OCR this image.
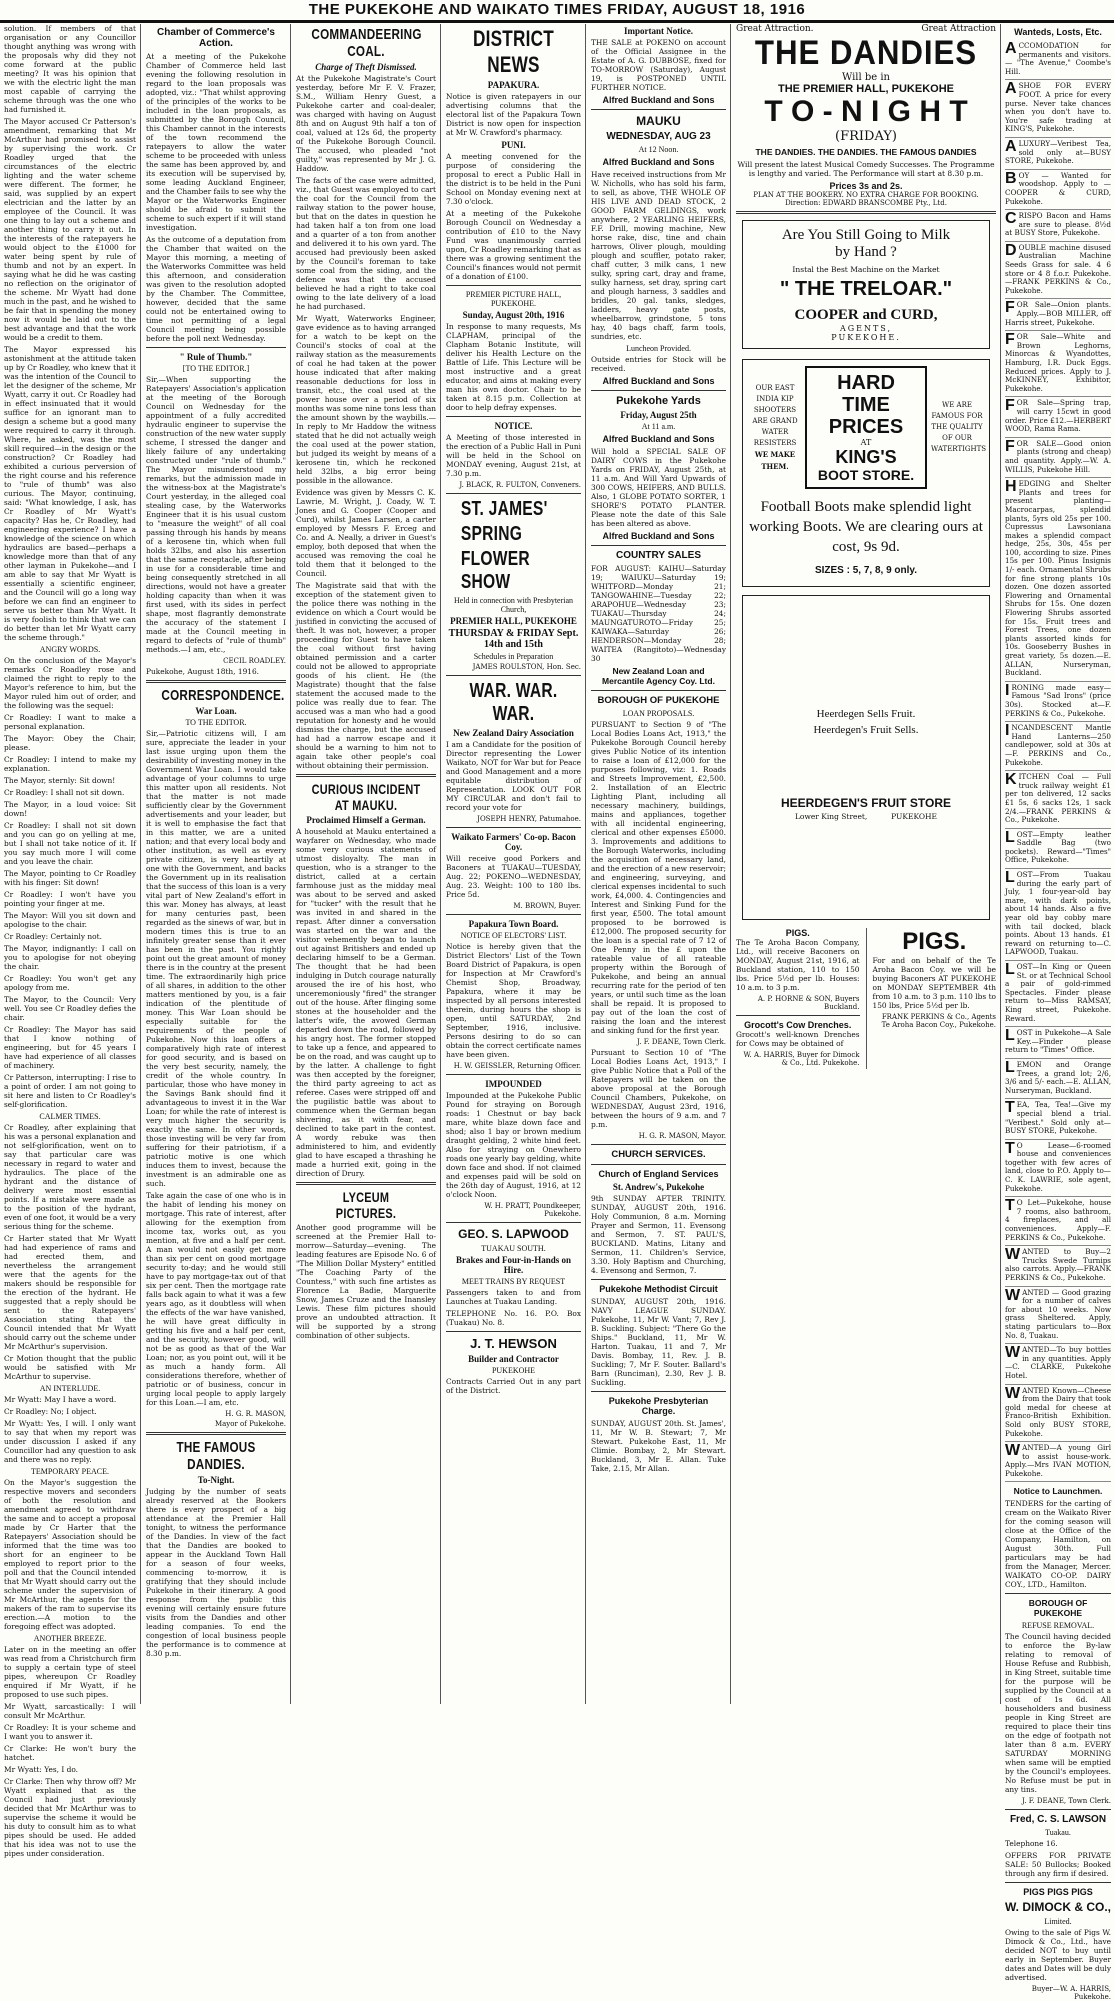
THE PUKEKOHE AND WAIKATO TIMES FRIDAY, AUGUST 18, 1916

solution. If members of that organisation or any Councillor thought anything was wrong with the proposals why did they not come forward at the public meeting? It was his opinion that we with the electric light the man most capable of carrying the scheme through was the one who had furnished it.

The Mayor accused Cr Patterson's amendment, remarking that Mr McArthur had promised to assist by supervising the work. Cr Roadley urged that the circumstances of the electric lighting and the water scheme were different. The former, he said, was supplied by an expert electrician and the latter by an employee of the Council. It was one thing to lay out a scheme and another thing to carry it out. In the interests of the ratepayers he would object to the £1000 for water being spent by rule of thumb and not by an expert. In saying what he did he was casting no reflection on the originator of the scheme. Mr Wyatt had done much in the past, and he wished to be fair that in spending the money now it would be laid out to the best advantage and that the work would be a credit to them.

The Mayor expressed his astonishment at the attitude taken up by Cr Roadley, who knew that it was the intention of the Council to let the designer of the scheme, Mr Wyatt, carry it out. Cr Roadley had in effect insinuated that it would suffice for an ignorant man to design a scheme but a good many were required to carry it through. Where, he asked, was the most skill required—in the design or the construction? Cr Roadley had exhibited a curious perversion of the right course and his reference to "rule of thumb" was also curious. The Mayor, continuing, said: "What knowledge, I ask, has Cr Roadley of Mr Wyatt's capacity? Has he, Cr Roadley, had engineering experience? I have a knowledge of the science on which hydraulics are based—perhaps a knowledge more than that of any other layman in Pukekohe—and I am able to say that Mr Wyatt is essentially a scientific engineer, and the Council will go a long way before we can find an engineer to serve us better than Mr Wyatt. It is very foolish to think that we can do better than let Mr Wyatt carry the scheme through."

ANGRY WORDS.

On the conclusion of the Mayor's remarks Cr Roadley rose and claimed the right to reply to the Mayor's reference to him, but the Mayor ruled him out of order, and the following was the sequel:

Cr Roadley: I want to make a personal explanation.

The Mayor: Obey the Chair, please.

Cr Roadley: I intend to make my explanation.

The Mayor, sternly: Sit down!

Cr Roadley: I shall not sit down.

The Mayor, in a loud voice: Sit down!

Cr Roadley: I shall not sit down and you can go on yelling at me, but I shall not take notice of it. If you say much more I will come and you leave the chair.

The Mayor, pointing to Cr Roadley with his finger: Sit down!

Cr Roadley: I won't have you pointing your finger at me.

The Mayor: Will you sit down and apologise to the chair.

Cr Roadley: Certainly not.

The Mayor, indignantly: I call on you to apologise for not obeying the chair.

Cr Roadley: You won't get any apology from me.

The Mayor, to the Council: Very well. You see Cr Roadley defies the chair.

Cr Roadley: The Mayor has said that I know nothing of engineering, but for 45 years I have had experience of all classes of machinery.

Cr Patterson, interrupting: I rise to a point of order. I am not going to sit here and listen to Cr Roadley's self-glorification.

CALMER TIMES.

Cr Roadley, after explaining that his was a personal explanation and not self-glorification, went on to say that particular care was necessary in regard to water and hydraulics. The place of the hydrant and the distance of delivery were most essential points. If a mistake were made as to the position of the hydrant, even of one foot, it would be a very serious thing for the scheme.

Cr Harter stated that Mr Wyatt had had experience of rams and had erected them, and nevertheless the arrangement were that the agents for the makers should be responsible for the erection of the hydrant. He suggested that a reply should be sent to the Ratepayers' Association stating that the Council intended that Mr Wyatt should carry out the scheme under Mr McArthur's supervision.

Cr Motion thought that the public would be satisfied with Mr McArthur to supervise.

AN INTERLUDE.

Mr Wyatt: May I have a word.

Cr Roadley: No; I object.

Mr Wyatt: Yes, I will. I only want to say that when my report was under discussion I asked if any Councillor had any question to ask and there was no reply.

TEMPORARY PEACE.

On the Mayor's suggestion the respective movers and seconders of both the resolution and amendment agreed to withdraw the same and to accept a proposal made by Cr Harter that the Ratepayers' Association should be informed that the time was too short for an engineer to be employed to report prior to the poll and that the Council intended that Mr Wyatt should carry out the scheme under the supervision of Mr McArthur, the agents for the makers of the ram to supervise its erection.—A motion to the foregoing effect was adopted.

ANOTHER BREEZE.

Later on in the meeting an offer was read from a Christchurch firm to supply a certain type of steel pipes, whereupon Cr Roadley enquired if Mr Wyatt, if he proposed to use such pipes.

Mr Wyatt, sarcastically: I will consult Mr McArthur.

Cr Roadley: It is your scheme and I want you to answer it.

Cr Clarke: He won't bury the hatchet.

Mr Wyatt: Yes, I do.

Cr Clarke: Then why throw off? Mr Wyatt explained that as the Council had just previously decided that Mr McArthur was to supervise the scheme it would be his duty to consult him as to what pipes should be used. He added that his idea was not to use the pipes under consideration.

Chamber of Commerce's Action.

At a meeting of the Pukekohe Chamber of Commerce held last evening the following resolution in regard to the loan proposals was adopted, viz.: "That whilst approving of the principles of the works to be included in the loan proposals, as submitted by the Borough Council, this Chamber cannot in the interests of the town recommend the ratepayers to allow the water scheme to be proceeded with unless the same has been approved by, and its execution will be supervised by, some leading Auckland Engineer, and the Chamber fails to see why the Mayor or the Waterworks Engineer should be afraid to submit the scheme to such expert if it will stand investigation.

As the outcome of a deputation from the Chamber that waited on the Mayor this morning, a meeting of the Waterworks Committee was held this afternoon, and consideration was given to the resolution adopted by the Chamber. The Committee, however, decided that the same could not be entertained owing to time not permitting of a legal Council meeting being possible before the poll next Wednesday.

" Rule of Thumb."
[TO THE EDITOR.]

Sir,—When supporting the Ratepayers' Association's application at the meeting of the Borough Council on Wednesday for the appointment of a fully accredited hydraulic engineer to supervise the construction of the new water supply scheme, I stressed the danger and likely failure of any undertaking constructed under "rule of thumb." The Mayor misunderstood my remarks, but the admission made in the witness-box at the Magistrate's Court yesterday, in the alleged coal stealing case, by the Waterworks Engineer that it is his usual custom to "measure the weight" of all coal passing through his hands by means of a kerosene tin, which when full holds 32lbs, and also his assertion that the same receptacle, after being in use for a considerable time and being consequently stretched in all directions, would not have a greater holding capacity than when it was first used, with its sides in perfect shape, most flagrantly demonstrate the accuracy of the statement I made at the Council meeting in regard to defects of "rule of thumb" methods.—I am, etc.,

CECIL ROADLEY.
Pukekohe, August 18th, 1916.
CORRESPONDENCE.
War Loan.
TO THE EDITOR.

Sir,—Patriotic citizens will, I am sure, appreciate the leader in your last issue urging upon them the desirability of investing money in the Government War Loan. I would take advantage of your columns to urge this matter upon all residents. Not that the matter is not made sufficiently clear by the Government advertisements and your leader, but it is well to emphasise the fact that in this matter, we are a united nation; and that every local body and other institution, as well as every private citizen, is very heartily at one with the Government, and backs the Government up in its realisation that the success of this loan is a very vital part of New Zealand's effort in this war. Money has always, at least for many centuries past, been regarded as the sinews of war, but in modern times this is true to an infinitely greater sense than it ever has been in the past. You rightly point out the great amount of money there is in the country at the present time. The extraordinarily high price of all shares, in addition to the other matters mentioned by you, is a fair indication of the plentitude of money. This War Loan should be especially suitable for the requirements of the people of Pukekohe. Now this loan offers a comparatively high rate of interest for good security, and is based on the very best security, namely, the credit of the whole country. In particular, those who have money in the Savings Bank should find it advantageous to invest it in the War Loan; for while the rate of interest is very much higher the security is exactly the same. In other words, those investing will be very far from suffering for their patriotism, if a patriotic motive is one which induces them to invest, because the investment is an admirable one as such.

Take again the case of one who is in the habit of lending his money on mortgage. This rate of interest, after allowing for the exemption from income tax, works out, as you mention, at five and a half per cent. A man would not easily get more than six per cent on good mortgage security to-day; and he would still have to pay mortgage-tax out of that six per cent. Then the mortgage rate falls back again to what it was a few years ago, as it doubtless will when the effects of the war have vanished, he will have great difficulty in getting his five and a half per cent, and the security, however good, will not be as good as that of the War Loan; nor, as you point out, will it be as much a handy form. All considerations therefore, whether of patriotic or of business, concur in urging local people to apply largely for this Loan.—I am, etc.

H. G. R. MASON,
Mayor of Pukekohe.
THE FAMOUS DANDIES.
To-Night.

Judging by the number of seats already reserved at the Bookers there is every prospect of a big attendance at the Premier Hall tonight, to witness the performance of the Dandies. In view of the fact that the Dandies are booked to appear in the Auckland Town Hall for a season of four weeks, commencing to-morrow, it is gratifying that they should include Pukekohe in their itinerary. A good response from the public this evening will certainly ensure future visits from the Dandies and other leading companies. To end the congestion of local business people the performance is to commence at 8.30 p.m.

COMMANDEERING COAL.
Charge of Theft Dismissed.

At the Pukekohe Magistrate's Court yesterday, before Mr F. V. Frazer, S.M., William Henry Guest, a Pukekohe carter and coal-dealer, was charged with having on August 8th and on August 9th half a ton of coal, valued at 12s 6d, the property of the Pukekohe Borough Council. The accused, who pleaded "not guilty," was represented by Mr J. G. Haddow.

The facts of the case were admitted, viz., that Guest was employed to cart the coal for the Council from the railway station to the power house, but that on the dates in question he had taken half a ton from one load and a quarter of a ton from another and delivered it to his own yard. The accused had previously been asked by the Council's foreman to take some coal from the siding, and the defence was that the accused believed he had a right to take coal owing to the late delivery of a load he had purchased.

Mr Wyatt, Waterworks Engineer, gave evidence as to having arranged for a watch to be kept on the Council's stocks of coal at the railway station as the measurements of coal he had taken at the power house indicated that after making reasonable deductions for loss in transit, etc., the coal used at the power house over a period of six months was some nine tons less than the amount shown by the waybills.—In reply to Mr Haddow the witness stated that he did not actually weigh the coal used at the power station, but judged its weight by means of a kerosene tin, which he reckoned held 32lbs, a big error being possible in the allowance.

Evidence was given by Messrs C. K. Lawrie, M. Wright, J. Coady, W. T. Jones and G. Cooper (Cooper and Curd), whilst James Larsen, a carter employed by Messrs F. Erceg and Co. and A. Neally, a driver in Guest's employ, both deposed that when the accused was removing the coal he told them that it belonged to the Council.

The Magistrate said that with the exception of the statement given to the police there was nothing in the evidence on which a Court would be justified in convicting the accused of theft. It was not, however, a proper proceeding for Guest to have taken the coal without first having obtained permission and a carter could not be allowed to appropriate goods of his client. He (the Magistrate) thought that the false statement the accused made to the police was really due to fear. The accused was a man who had a good reputation for honesty and he would dismiss the charge, but the accused had had a narrow escape and it should be a warning to him not to again take other people's coal without obtaining their permission.

CURIOUS INCIDENT AT MAUKU.
Proclaimed Himself a German.

A household at Mauku entertained a wayfarer on Wednesday, who made some very curious statements of utmost disloyalty. The man in question, who is a stranger to the district, called at a certain farmhouse just as the midday meal was about to be served and asked for "tucker" with the result that he was invited in and shared in the repast. After dinner a conversation was started on the war and the visitor vehemently began to launch out against Britishers and ended up declaring himself to be a German. The thought that he had been indulging in Dutch courage naturally aroused the ire of his host, who unceremoniously "fired" the stranger out of the house. After flinging some stones at the householder and the latter's wife, the avowed German departed down the road, followed by his angry host. The former stopped to take up a fence, and appeared to be on the road, and was caught up to by the latter. A challenge to fight was then accepted by the foreigner, the third party agreeing to act as referee. Cases were stripped off and the pugilistic battle was about to commence when the German began shivering, as it with fear, and declined to take part in the contest. A wordy rebuke was then administered to him, and evidently glad to have escaped a thrashing he made a hurried exit, going in the direction of Drury.

LYCEUM PICTURES.

Another good programme will be screened at the Premier Hall to-morrow—Saturday—evening. The leading features are Episode No. 6 of "The Million Dollar Mystery" entitled "The Coaching Party of the Countess," with such fine artistes as Florence La Badie, Marguerite Snow, James Cruze and the Inansley Lewis. These film pictures should prove an undoubted attraction. It will be supported by a strong combination of other subjects.

DISTRICT NEWS
PAPAKURA.

Notice is given ratepayers in our advertising columns that the electoral list of the Papakura Town District is now open for inspection at Mr W. Crawford's pharmacy.

PUNI.

A meeting convened for the purpose of considering the proposal to erect a Public Hall in the district is to be held in the Puni School on Monday evening next at 7.30 o'clock.

At a meeting of the Pukekohe Borough Council on Wednesday a contribution of £10 to the Navy Fund was unanimously carried upon, Cr Roadley remarking that as there was a growing sentiment the Council's finances would not permit of a donation of £100.

PREMIER PICTURE HALL, PUKEKOHE.
Sunday, August 20th, 1916

In response to many requests, Ms CLAPHAM, principal of the Clapham Botanic Institute, will deliver his Health Lecture on the Battle of Life. This Lecture will be most instructive and a great educator, and aims at making every man his own doctor. Chair to be taken at 8.15 p.m. Collection at door to help defray expenses.

NOTICE.

A Meeting of those interested in the erection of a Public Hall in Puni will be held in the School on MONDAY evening, August 21st, at 7.30 p.m.

J. BLACK, R. FULTON, Conveners.
ST. JAMES'
SPRING
FLOWER SHOW
Held in connection with Presbyterian Church,
PREMIER HALL, PUKEKOHE
THURSDAY & FRIDAY Sept. 14th and 15th
Schedules in Preparation
JAMES ROULSTON, Hon. Sec.
WAR. WAR. WAR.
New Zealand Dairy Association

I am a Candidate for the position of Director representing the Lower Waikato, NOT for War but for Peace and Good Management and a more equitable distribution of Representation. LOOK OUT FOR MY CIRCULAR and don't fail to record your vote for

JOSEPH HENRY, Patumahoe.
Waikato Farmers' Co-op. Bacon Coy.

Will receive good Porkers and Baconers at TUAKAU—TUESDAY, Aug. 22; POKENO—WEDNESDAY, Aug. 23. Weight: 100 to 180 lbs. Price 5d.

M. BROWN, Buyer.
Papakura Town Board.
NOTICE OF ELECTORS' LIST.

Notice is hereby given that the District Electors' List of the Town Board District of Papakura, is open for Inspection at Mr Crawford's Chemist Shop, Broadway, Papakura, where it may be inspected by all persons interested therein, during hours the shop is open, until SATURDAY, 2nd September, 1916, inclusive. Persons desiring to do so can obtain the correct certificate names have been given.

H. W. GEISSLER, Returning Officer.
IMPOUNDED

Impounded at the Pukekohe Public Pound for straying on Borough roads: 1 Chestnut or bay back mare, white blaze down face and shod; also 1 bay or brown medium draught gelding, 2 white hind feet. Also for straying on Onewhero roads one yearly bay gelding, white down face and shod. If not claimed and expenses paid will be sold on the 26th day of August, 1916, at 12 o'clock Noon.

W. H. PRATT, Poundkeeper, Pukekohe.
GEO. S. LAPWOOD
TUAKAU SOUTH.
Brakes and Four-in-Hands on Hire.
MEET TRAINS BY REQUEST

Passengers taken to and from Launches at Tuakau Landing.

TELEPHONE No. 16. P.O. Box (Tuakau) No. 8.

J. T. HEWSON
Builder and Contractor
PUKEKOHE

Contracts Carried Out in any part of the District.

Important Notice.

THE SALE at POKENO on account of the Official Assignee in the Estate of A. G. DUBBOSE, fixed for TO-MORROW (Saturday), August 19, is POSTPONED UNTIL FURTHER NOTICE.

Alfred Buckland and Sons
MAUKU
WEDNESDAY, AUG 23
At 12 Noon.
Alfred Buckland and Sons

Have received instructions from Mr W. Nicholls, who has sold his farm, to sell, as above, THE WHOLE OF HIS LIVE AND DEAD STOCK, 2 GOOD FARM GELDINGS, work anywhere, 2 YEARLING HEIFERS, F.F. Drill, mowing machine, New horse rake, disc, tine and chain harrows, Oliver plough, moulding plough and scuffler, potato raker, chaff cutter, 3 milk cans, 1 new sulky, spring cart, dray and frame, sulky harness, set dray, spring cart and plough harness, 3 saddles and bridles, 20 gal. tanks, sledges, ladders, heavy gate posts, wheelbarrow, grindstone, 5 tons hay, 40 bags chaff, farm tools, sundries, etc.

Luncheon Provided.

Outside entries for Stock will be received.

Alfred Buckland and Sons
Pukekohe Yards
Friday, August 25th
At 11 a.m.
Alfred Buckland and Sons

Will hold a SPECIAL SALE OF DAIRY COWS in the Pukekohe Yards on FRIDAY, August 25th, at 11 a.m. And Will Yard Upwards of 300 COWS, HEIFERS, AND BULLS. Also, 1 GLOBE POTATO SORTER, 1 SHORE'S POTATO PLANTER. Please note the date of this Sale has been altered as above.

Alfred Buckland and Sons
COUNTRY SALES

FOR AUGUST: KAIHU—Saturday 19; WAIUKU—Saturday 19; WHITFORD—Monday 21; TANGOWAHINE—Tuesday 22; ARAPOHUE—Wednesday 23; TUAKAU—Thursday 24; MAUNGATUROTO—Friday 25; KAIWAKA—Saturday 26; HENDERSON—Monday 28; WAITEA (Rangitoto)—Wednesday 30

New Zealand Loan and Mercantile Agency Coy. Ltd.
BOROUGH OF PUKEKOHE
LOAN PROPOSALS.

PURSUANT to Section 9 of "The Local Bodies Loans Act, 1913," the Pukekohe Borough Council hereby gives Public Notice of its intention to raise a loan of £12,000 for the purposes following, viz: 1. Roads and Streets Improvement, £2,500. 2. Installation of an Electric Lighting Plant, including all necessary machinery, buildings, mains and appliances, together with all incidental engineering, clerical and other expenses £5000. 3. Improvements and additions to the Borough Waterworks, including the acquisition of necessary land, and the erection of a new reservoir; and engineering, surveying, and clerical expenses incidental to such work, £4,000. 4. Contingencies and Interest and Sinking Fund for the first year, £500. The total amount proposed to be borrowed is £12,000. The proposed security for the loan is a special rate of 7 12 of One Penny in the £ upon the rateable value of all rateable property within the Borough of Pukekohe, and being an annual recurring rate for the period of ten years, or until such time as the loan shall be repaid. It is proposed to pay out of the loan the cost of raising the loan and the interest and sinking fund for the first year.

J. F. DEANE, Town Clerk.

Pursuant to Section 10 of "The Local Bodies Loans Act, 1913," I give Public Notice that a Poll of the Ratepayers will be taken on the above proposal at the Borough Council Chambers, Pukekohe, on WEDNESDAY, August 23rd, 1916, between the hours of 9 a.m. and 7 p.m.

H. G. R. MASON, Mayor.
CHURCH SERVICES.
Church of England Services
St. Andrew's, Pukekohe

9th SUNDAY AFTER TRINITY. SUNDAY, AUGUST 20th, 1916. Holy Communion, 8 a.m. Morning Prayer and Sermon, 11. Evensong and Sermon, 7. ST. PAUL'S, BUCKLAND. Matins, Litany and Sermon, 11. Children's Service, 3.30. Holy Baptism and Churching, 4. Evensong and Sermon, 7.

Pukekohe Methodist Circuit

SUNDAY, AUGUST 20th, 1916. NAVY LEAGUE SUNDAY. Pukekohe, 11, Mr W. Vant; 7, Rev J. B. Suckling. Subject: "There Go the Ships." Buckland, 11, Mr W. Harton. Tuakau, 11 and 7, Mr Davis. Bombay, 11, Rev. J. B. Suckling; 7, Mr F. Souter. Ballard's Barn (Runciman), 2.30, Rev J. B. Suckling.

Pukekohe Presbyterian Charge.

SUNDAY, AUGUST 20th. St. James', 11, Mr W. B. Stewart; 7, Mr Stewart. Pukekohe East, 11, Mr Climie. Bombay, 2, Mr Stewart. Buckland, 3, Mr E. Allan. Tuke Take, 2.15, Mr Allan.

Great Attraction.	Great Attraction
THE DANDIES
Will be in
THE PREMIER HALL, PUKEKOHE
T O - N I G H T
(FRIDAY)
THE DANDIES. THE DANDIES. THE FAMOUS DANDIES
Will present the latest Musical Comedy Successes. The Programme is lengthy and varied. The Performance will start at 8.30 p.m.
Prices 3s and 2s.
PLAN AT THE BOOKERY. NO EXTRA CHARGE FOR BOOKING.
Direction: EDWARD BRANSCOMBE Pty., Ltd.
Are You Still Going to Milk
by Hand ?
Instal the Best Machine on the Market
" THE TRELOAR."
COOPER and CURD,
AGENTS,
PUKEKOHE.
OUR EAST INDIA KIP SHOOTERS ARE GRAND WATER RESISTERS
WE MAKE THEM.
HARD
TIME
PRICES
AT
KING'S
BOOT STORE.
WE ARE FAMOUS FOR THE QUALITY OF OUR WATERTIGHTS
Football Boots make splendid light working Boots. We are clearing ours at cost, 9s 9d.
SIZES : 5, 7, 8, 9 only.
Heerdegen Sells Fruit.
Heerdegen's Fruit Sells.
HEERDEGEN'S FRUIT STORE
Lower King Street,          PUKEKOHE
PIGS.

The Te Aroha Bacon Company, Ltd., will receive Baconers on MONDAY, August 21st, 1916, at Buckland station, 110 to 150 lbs. Price 5½d per lb. Houses: 10 a.m. to 3 p.m.

A. P. HORNE & SON, Buyers Buckland.
Grocott's Cow Drenches.

Grocott's well-known Drenches for Cows may be obtained of

W. A. HARRIS, Buyer for Dimock & Co., Ltd. Pukekohe.
PIGS.

For and on behalf of the Te Aroha Bacon Coy. we will be buying Baconers AT PUKEKOHE on MONDAY SEPTEMBER 4th from 10 a.m. to 3 p.m. 110 lbs to 150 lbs, Price 5½d per lb.

FRANK PERKINS & Co., Agents Te Aroha Bacon Coy., Pukekohe.
Wanteds, Losts, Etc.
ACCOMODATION for permanents and visitors. — "The Avenue," Coombe's Hill.
ASHOE FOR EVERY FOOT. A price for every purse. Never take chances when you don't have to. You're safe trading at KING'S, Pukekohe.
ALUXURY—Veribest Tea, sold only at—BUSY STORE, Pukekohe.
BOY — Wanted for woodshop. Apply to — COOPER & CURD, Pukekohe.
CRISPO Bacon and Hams are sure to please. 8½d at BUSY Store, Pukekohe.
DOUBLE machine disused Australian Machine Seeds Grass for sale. 4 6 store or 4 8 f.o.r. Pukekohe.—FRANK PERKINS & Co., Pukekohe.
FOR Sale—Onion plants. Apply.—BOB MILLER, off Harris street, Pukekohe.
FOR Sale—White and Brown Leghorns, Minorcas & Wyandottes, Hamburg, I.R. Duck Eggs. Reduced prices. Apply to J. McKINNEY, Exhibitor, Pukekohe.
FOR Sale—Spring trap, will carry 15cwt in good order. Price £12.—HERBERT WOOD, Rama Rama.
FOR SALE—Good onion plants (strong and cheap) and quantity. Apply.—W. A. WILLIS, Pukekohe Hill.
HEDGING and Shelter Plants and trees for present planting—Macrocarpas, splendid plants, 5yrs old 25s per 100. Cupressus Lawsoniana makes a splendid compact hedge, 25s, 30s, 45s per 100, according to size. Pines 15s per 100. Pinus Insignis 1/- each. Ornamental Shrubs for fine strong plants 10s dozen. One dozen assorted Flowering and Ornamental Shrubs for 15s. One dozen Flowering Shrubs assorted for 15s. Fruit trees and Forest Trees, one dozen plants assorted kinds for 10s. Gooseberry Bushes in great variety, 5s dozen.—E. ALLAN, Nurseryman, Buckland.
IRONING made easy—Famous "Sad Irons" (price 30s). Stocked at—F. PERKINS & Co., Pukekohe.
INCANDESCENT Mantle Hand Lanterns—250 candlepower, sold at 30s at—F. PERKINS and Co., Pukekohe.
KITCHEN Coal — Full truck railway weight £1 per ton delivered, 12 sacks £1 5s, 6 sacks 12s, 1 sack 2/4.—FRANK PERKINS & Co., Pukekohe.
LOST—Empty leather Saddle Bag (two pockets). Reward—"Times" Office, Pukekohe.
LOST—From Tuakau during the early part of July, 1 four-year-old bay mare, with dark points, about 14 hands. Also a five year old bay cobby mare with tail docked, black points. About 13 hands. £1 reward on returning to—C. LAPWOOD, Tuakau.
LOST—In King or Queen St. or at Technical School a pair of gold-rimmed Spectacles. Finder please return to—Miss RAMSAY, King street, Pukekohe. Reward.
LOST in Pukekohe—A Sale Key.—Finder please return to "Times" Office.
LEMON and Orange Trees, a grand lot; 2/6, 3/6 and 5/- each.—E. ALLAN, Nurseryman, Buckland.
TEA, Tea, Tea!—Give my special blend a trial. "Veribest." Sold only at—BUSY STORE, Pukekohe.
T O Lease—6-roomed house and conveniences together with few acres of land, close to P.O. Apply to—C. K. LAWRIE, sole agent, Pukekohe.
T O Let—Pukekohe, house 7 rooms, also bathroom, 4 fireplaces, and all conveniences. Apply—F. PERKINS & Co., Pukekohe.
WANTED to Buy—2 Trucks Swede Turnips also carrots. Apply.—FRANK PERKINS & Co., Pukekohe.
WANTED — Good grazing for a number of calves for about 10 weeks. Now grass Sheltered. Apply, stating particulars to—Box No. 8, Tuakau.
WANTED—To buy bottles in any quantities. Apply—C. CLARKE, Pukekohe Hotel.
WANTED Known—Cheese from the Dairy that took gold medal for cheese at Franco-British Exhibition. Sold only BUSY STORE, Pukekohe.
WANTED—A young Girl to assist house-work. Apply.—Mrs IVAN MOTION, Pukekohe.
Notice to Launchmen.

TENDERS for the carting of cream on the Waikato River for the coming season will close at the Office of the Company, Hamilton, on August 30th. Full particulars may be had from the Manager, Mercer. WAIKATO CO-OP. DAIRY COY., LTD., Hamilton.

BOROUGH OF PUKEKOHE
REFUSE REMOVAL.

The Council having decided to enforce the By-law relating to removal of House Refuse and Rubbish, in King Street, suitable time for the purpose will be supplied by the Council at a cost of 1s 6d. All householders and business people in King Street are required to place their tins on the edge of footpath not later than 8 a.m. EVERY SATURDAY MORNING when same will be emptied by the Council's employees. No Refuse must be put in any tins.

J. F. DEANE, Town Clerk.
Fred, C. S. LAWSON
Tuakau.
Telephone 16.

OFFERS FOR PRIVATE SALE: 50 Bullocks; Booked through any firm if desired.

PIGS PIGS PIGS
W. DIMOCK & CO.,
Limited.

Owing to the sale of Pigs W. Dimock & Co., Ltd., have decided NOT to buy until early in September. Buyer dates and Dates will be duly advertised.

Buyer—W. A. HARRIS, Pukekohe.
